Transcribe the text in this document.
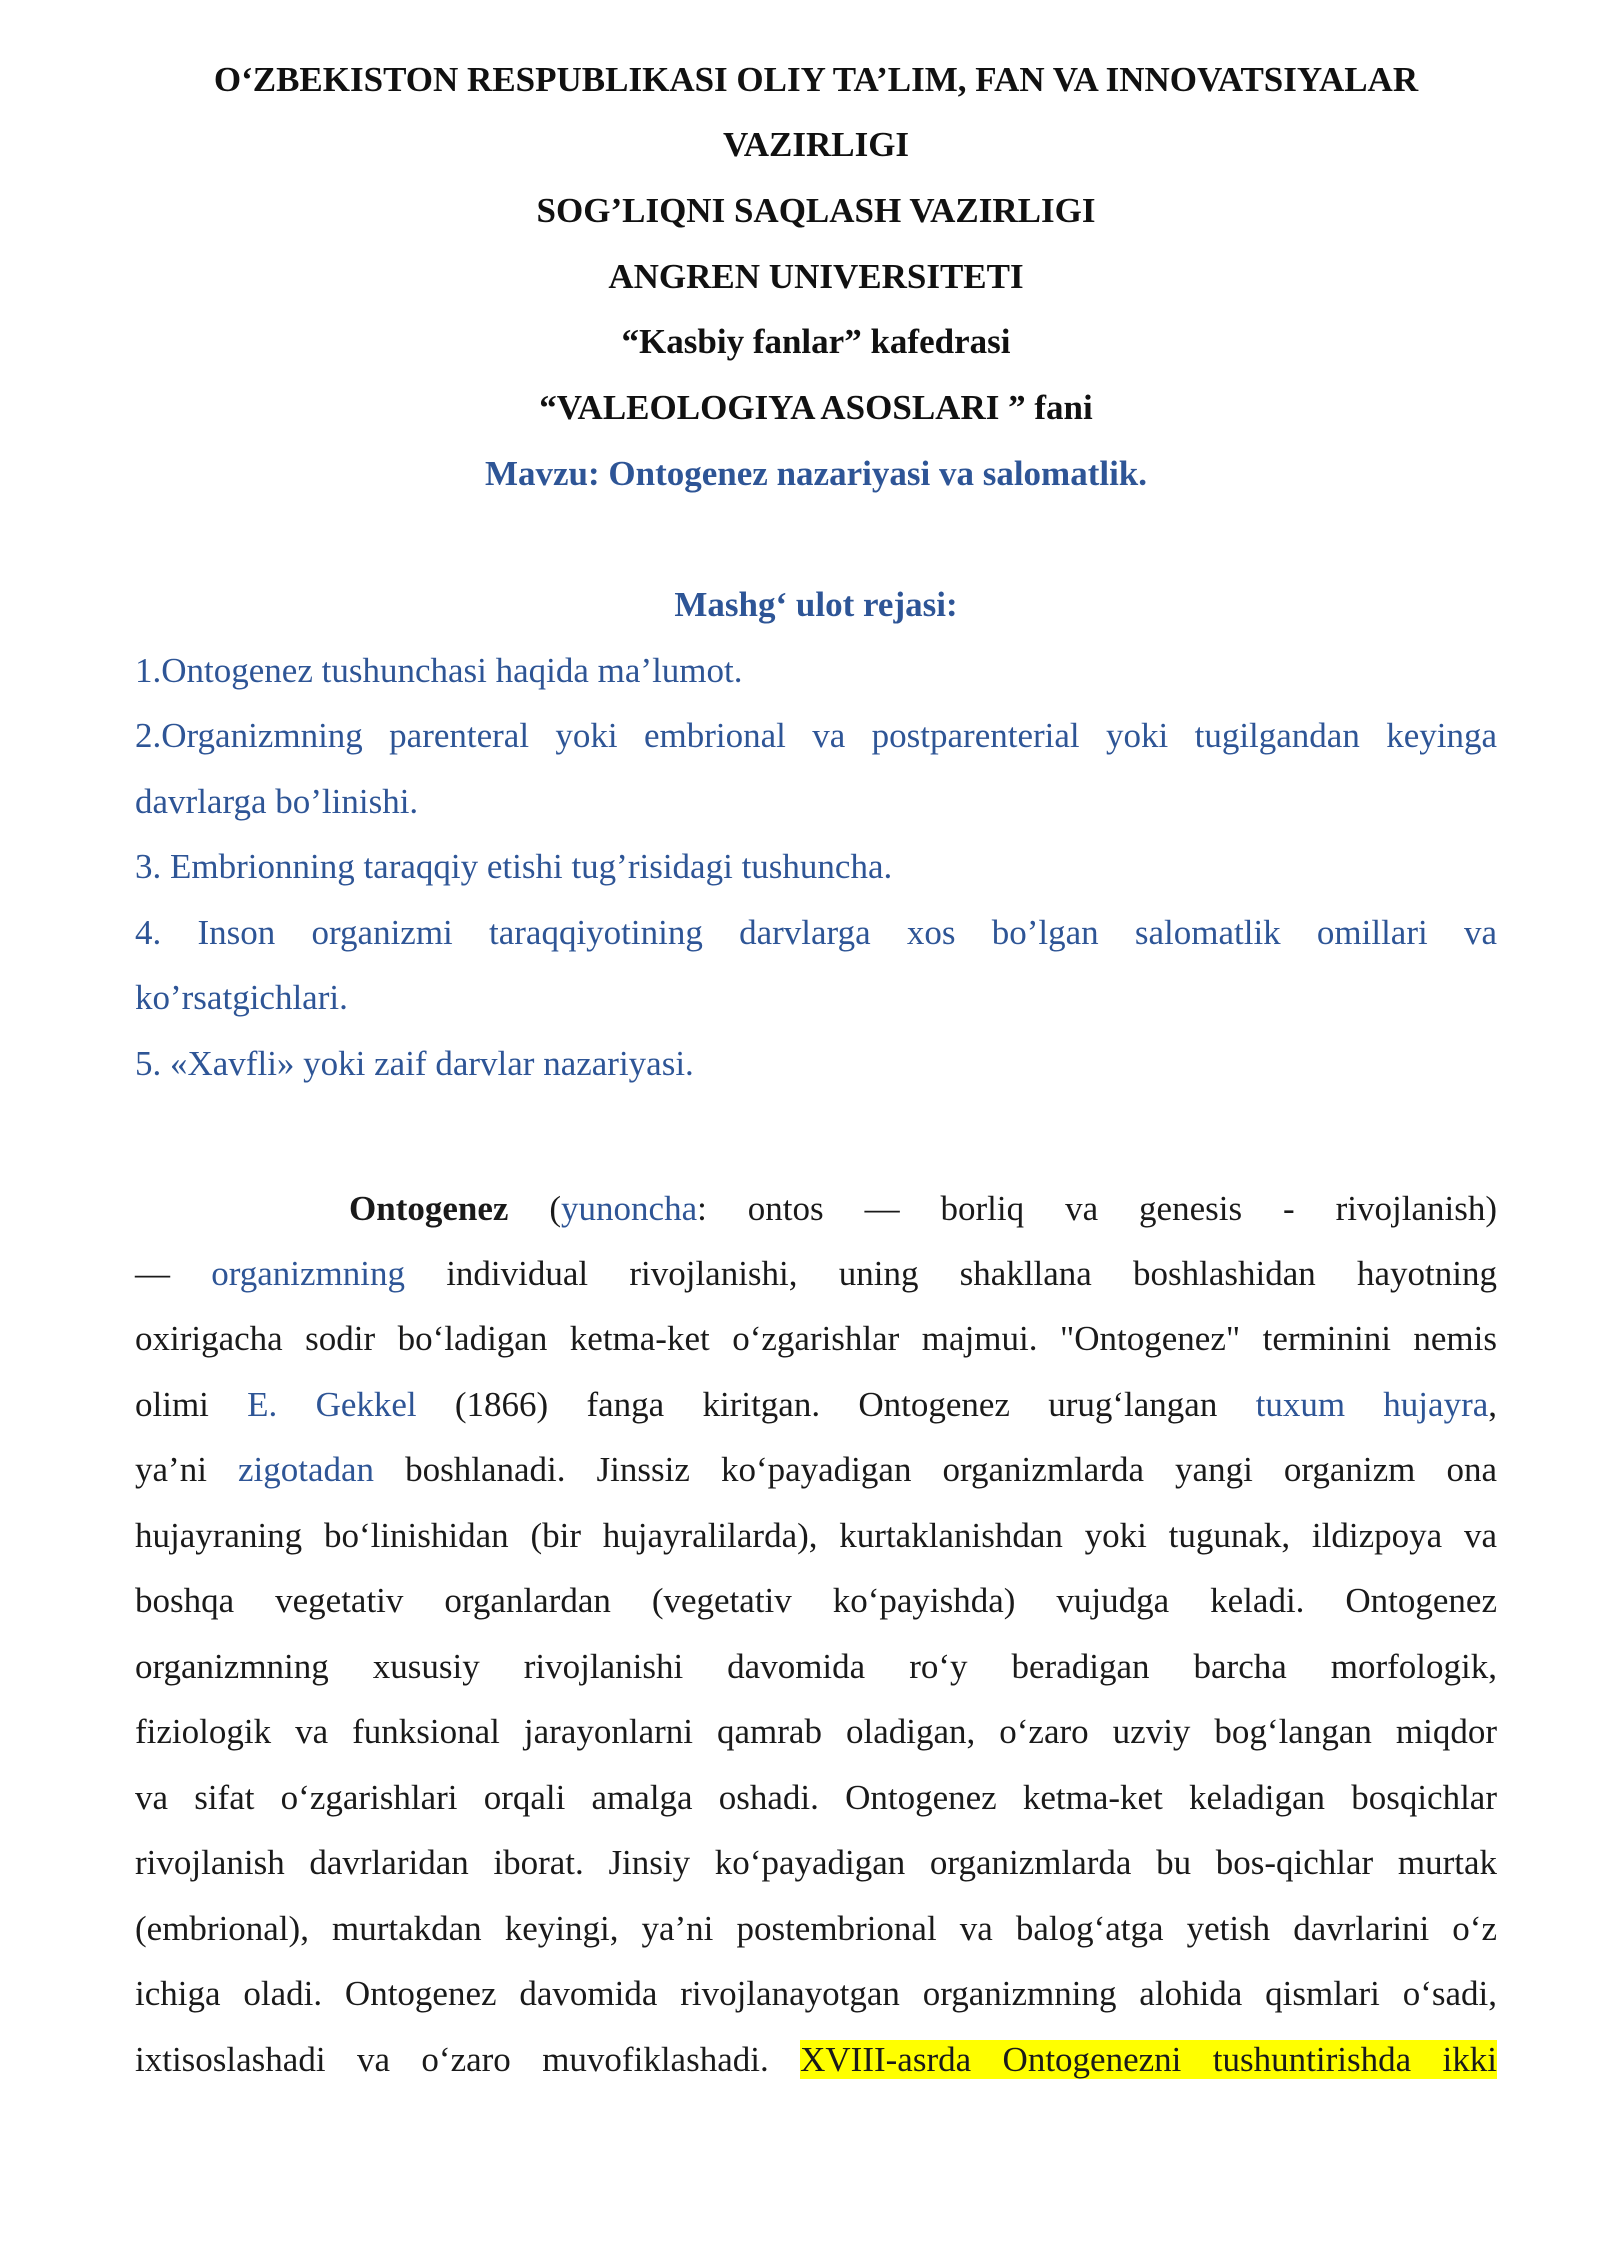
O‘ZBEKISTON RESPUBLIKASI OLIY TA’LIM, FAN VA INNOVATSIYALAR
VAZIRLIGI
SOG’LIQNI SAQLASH VAZIRLIGI
ANGREN UNIVERSITETI
“Kasbiy fanlar” kafedrasi
“VALEOLOGIYA ASOSLARI ” fani
Mavzu: Ontogenez nazariyasi va salomatlik.
Mashg‘ ulot rejasi:
1.Ontogenez tushunchasi haqida ma’lumot.
2.Organizmning parenteral yoki embrional va postparenterial yoki tugilgandan keyinga
davrlarga bo’linishi.
3. Embrionning taraqqiy etishi tug’risidagi tushuncha.
4. Inson organizmi taraqqiyotining darvlarga xos bo’lgan salomatlik omillari va
ko’rsatgichlari.
5. «Xavfli» yoki zaif darvlar nazariyasi.
Ontogenez (yunoncha: ontos — borliq va genesis - rivojlanish)
— organizmning individual rivojlanishi, uning shakllana boshlashidan hayotning
oxirigacha sodir bo‘ladigan ketma-ket o‘zgarishlar majmui. "Ontogenez" terminini nemis
olimi E. Gekkel (1866) fanga kiritgan. Ontogenez urug‘langan tuxum hujayra,
ya’ni zigotadan boshlanadi. Jinssiz ko‘payadigan organizmlarda yangi organizm ona
hujayraning bo‘linishidan (bir hujayralilarda), kurtaklanishdan yoki tugunak, ildizpoya va
boshqa vegetativ organlardan (vegetativ ko‘payishda) vujudga keladi. Ontogenez
organizmning xususiy rivojlanishi davomida ro‘y beradigan barcha morfologik,
fiziologik va funksional jarayonlarni qamrab oladigan, o‘zaro uzviy bog‘langan miqdor
va sifat o‘zgarishlari orqali amalga oshadi. Ontogenez ketma-ket keladigan bosqichlar
rivojlanish davrlaridan iborat. Jinsiy ko‘payadigan organizmlarda bu bos-qichlar murtak
(embrional), murtakdan keyingi, ya’ni postembrional va balog‘atga yetish davrlarini o‘z
ichiga oladi. Ontogenez davomida rivojlanayotgan organizmning alohida qismlari o‘sadi,
ixtisoslashadi va o‘zaro muvofiklashadi. XVIII-asrda Ontogenezni tushuntirishda ikki
